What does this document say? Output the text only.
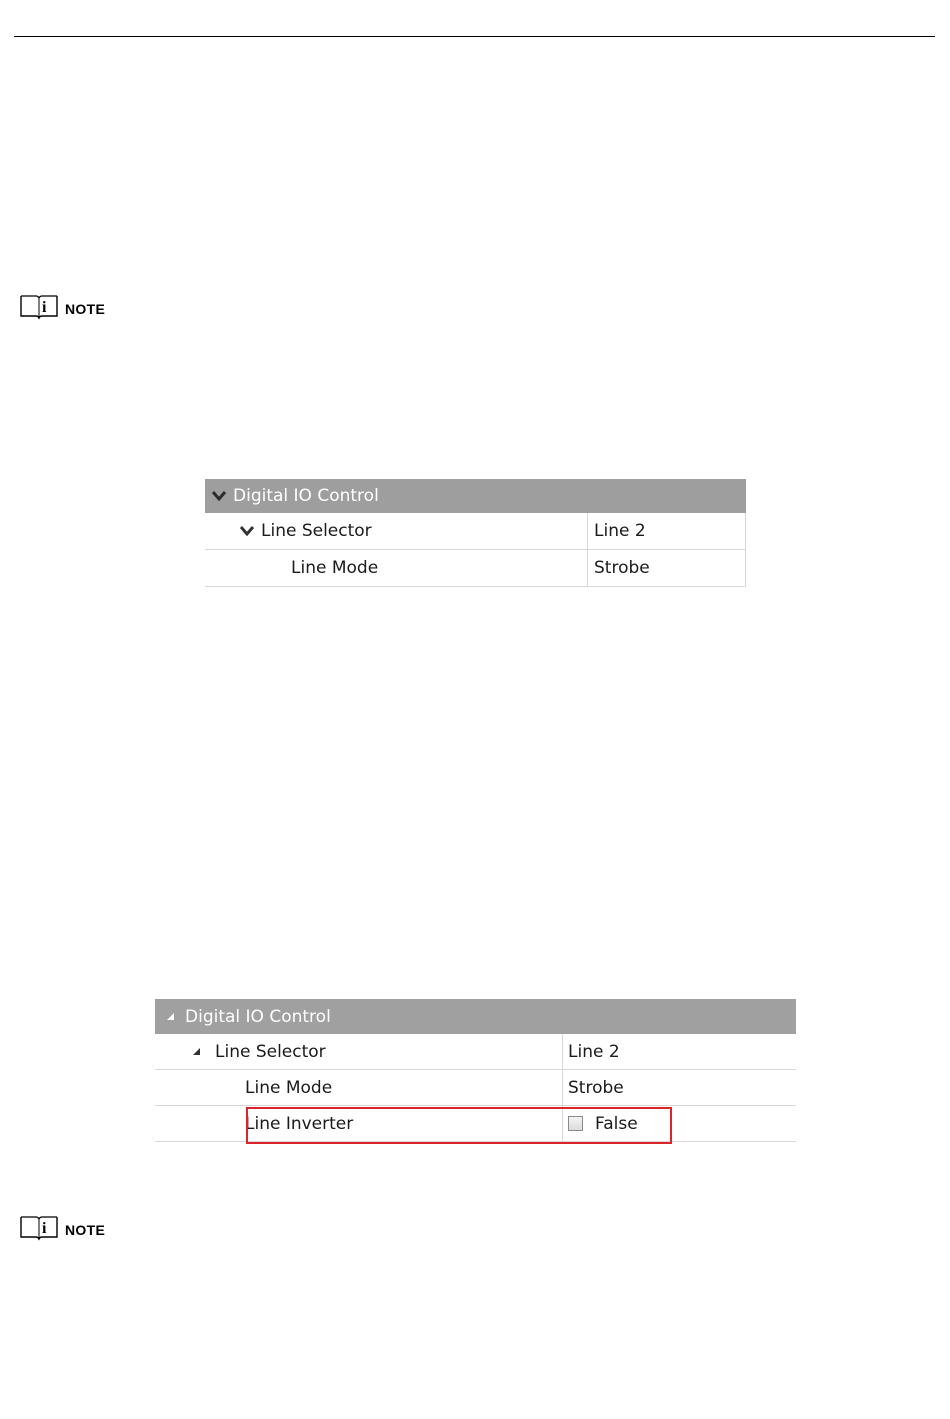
i NOTE
Digital IO Control
Line Selector	Line 2
Line Mode	Strobe
Digital IO Control
Line Selector	Line 2
Line Mode	Strobe
Line Inverter	False
i NOTE
